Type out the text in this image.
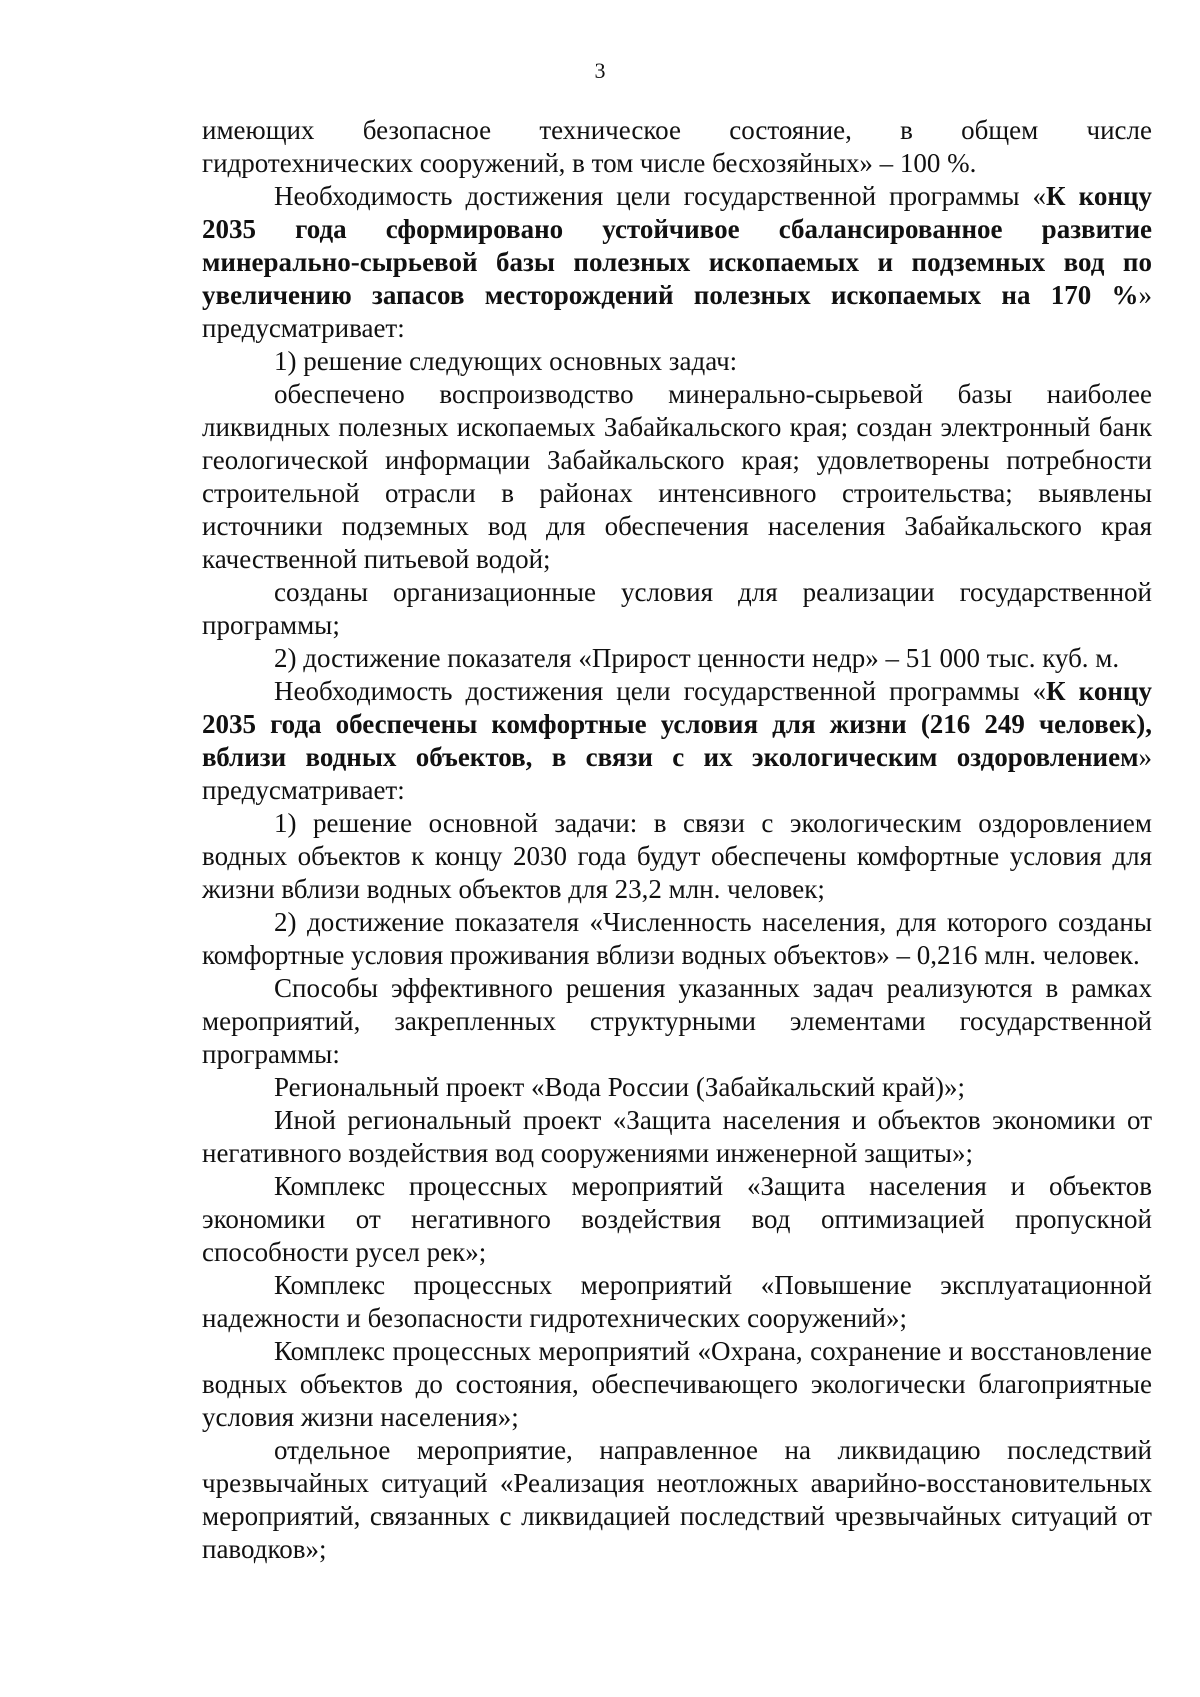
3

имеющих безопасное техническое состояние, в общем числе

гидротехнических сооружений, в том числе бесхозяйных» – 100 %.

Необходимость достижения цели государственной программы «К концу 2035 года сформировано устойчивое сбалансированное развитие минерально-сырьевой базы полезных ископаемых и подземных вод по увеличению запасов месторождений полезных ископаемых на 170 %» предусматривает:

1) решение следующих основных задач:

обеспечено воспроизводство минерально-сырьевой базы наиболее ликвидных полезных ископаемых Забайкальского края; создан электронный банк геологической информации Забайкальского края; удовлетворены потребности строительной отрасли в районах интенсивного строительства; выявлены источники подземных вод для обеспечения населения Забайкальского края качественной питьевой водой;

созданы организационные условия для реализации государственной программы;

2) достижение показателя «Прирост ценности недр» – 51 000 тыс. куб. м.

Необходимость достижения цели государственной программы «К концу 2035 года обеспечены комфортные условия для жизни (216 249 человек), вблизи водных объектов, в связи с их экологическим оздоровлением» предусматривает:

1) решение основной задачи: в связи с экологическим оздоровлением водных объектов к концу 2030 года будут обеспечены комфортные условия для жизни вблизи водных объектов для 23,2 млн. человек;

2) достижение показателя «Численность населения, для которого созданы комфортные условия проживания вблизи водных объектов» – 0,216 млн. человек.

Способы эффективного решения указанных задач реализуются в рамках мероприятий, закрепленных структурными элементами государственной программы:

Региональный проект «Вода России (Забайкальский край)»;

Иной региональный проект «Защита населения и объектов экономики от негативного воздействия вод сооружениями инженерной защиты»;

Комплекс процессных мероприятий «Защита населения и объектов экономики от негативного воздействия вод оптимизацией пропускной способности русел рек»;

Комплекс процессных мероприятий «Повышение эксплуатационной надежности и безопасности гидротехнических сооружений»;

Комплекс процессных мероприятий «Охрана, сохранение и восстановление водных объектов до состояния, обеспечивающего экологически благоприятные условия жизни населения»;

отдельное мероприятие, направленное на ликвидацию последствий чрезвычайных ситуаций «Реализация неотложных аварийно-восстановительных мероприятий, связанных с ликвидацией последствий чрезвычайных ситуаций от паводков»;
